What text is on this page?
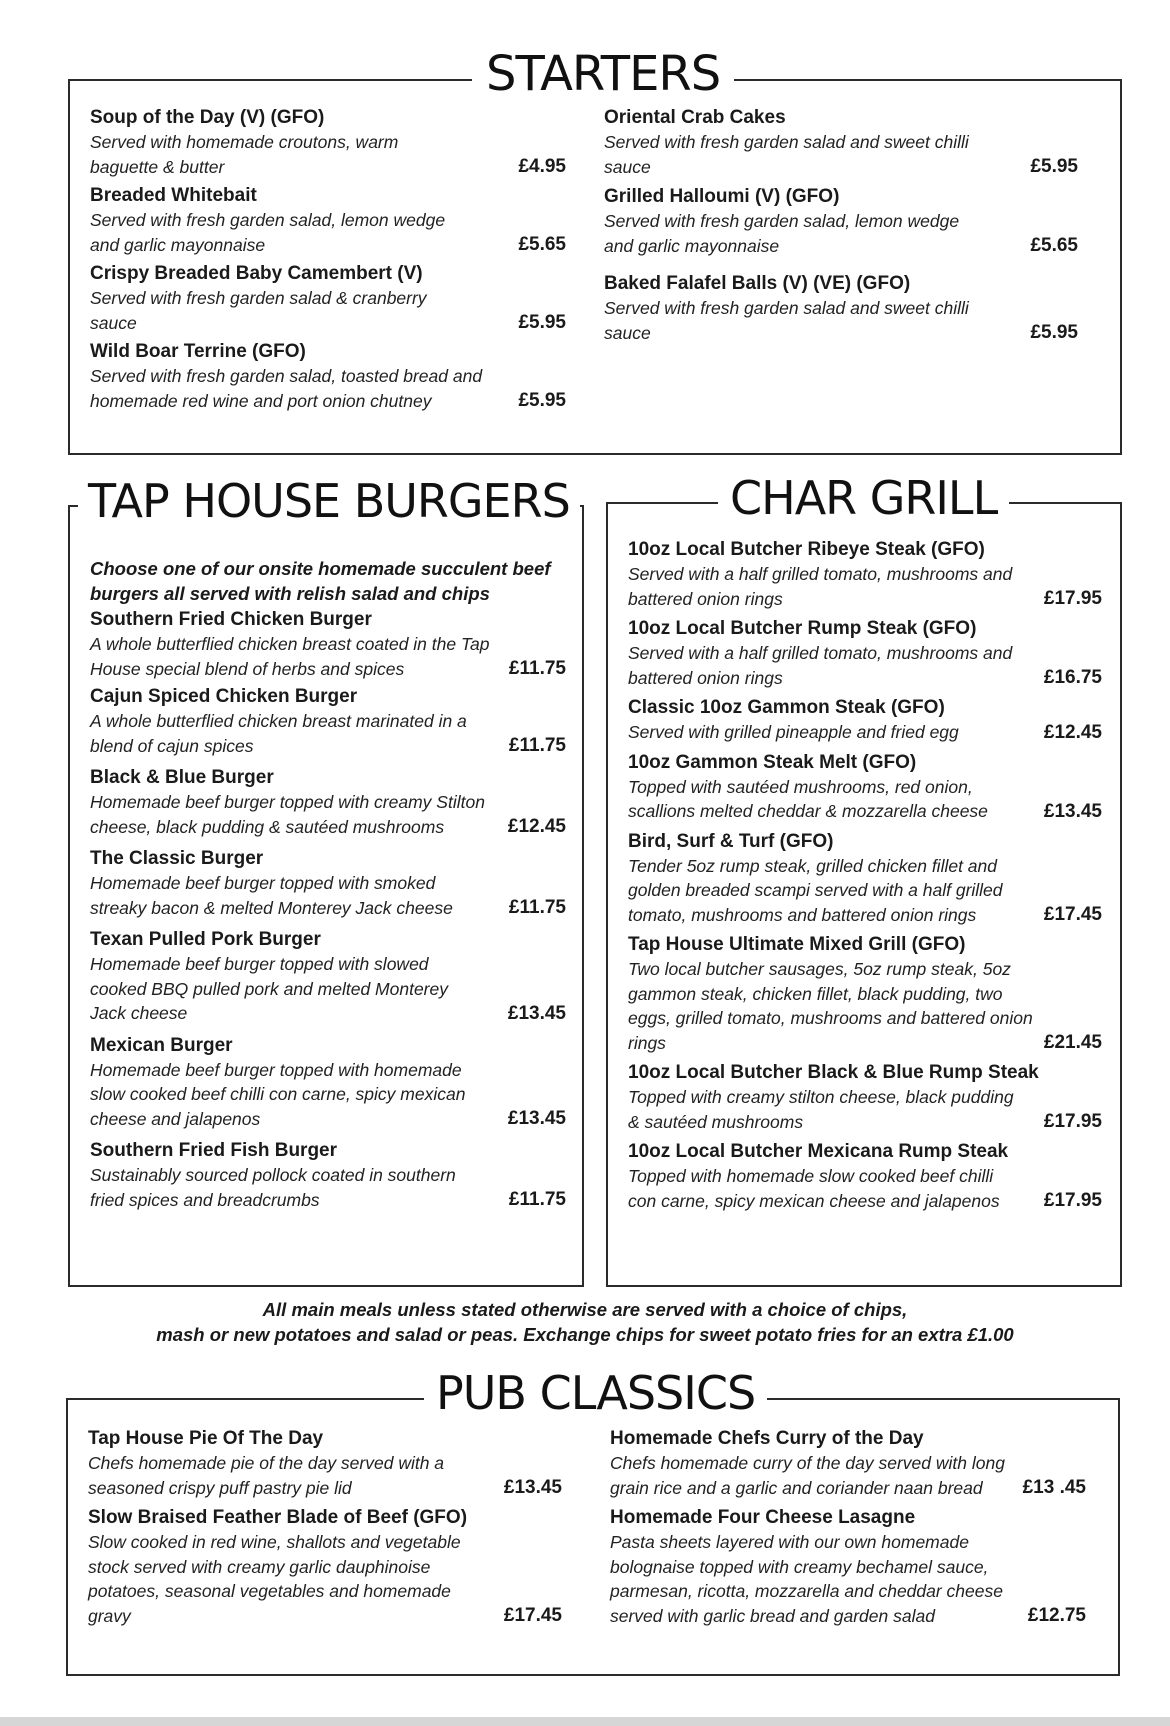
STARTERS
Soup of the Day (V) (GFO)
Served with homemade croutons, warm baguette & butter	£4.95
Breaded Whitebait
Served with fresh garden salad, lemon wedge and garlic mayonnaise	£5.65
Crispy Breaded Baby Camembert (V)
Served with fresh garden salad & cranberry sauce	£5.95
Wild Boar Terrine (GFO)
Served with fresh garden salad, toasted bread and homemade red wine and port onion chutney	£5.95
Oriental Crab Cakes
Served with fresh garden salad and sweet chilli sauce	£5.95
Grilled Halloumi (V) (GFO)
Served with fresh garden salad, lemon wedge and garlic mayonnaise	£5.65
Baked Falafel Balls (V) (VE) (GFO)
Served with fresh garden salad and sweet chilli sauce	£5.95
TAP HOUSE BURGERS
Choose one of our onsite homemade succulent beef burgers all served with relish salad and chips
Southern Fried Chicken Burger
A whole butterflied chicken breast coated in the Tap House special blend of herbs and spices	£11.75
Cajun Spiced Chicken Burger
A whole butterflied chicken breast marinated in a blend of cajun spices	£11.75
Black & Blue Burger
Homemade beef burger topped with creamy Stilton cheese, black pudding & sautéed mushrooms	£12.45
The Classic Burger
Homemade beef burger topped with smoked streaky bacon & melted Monterey Jack cheese	£11.75
Texan Pulled Pork Burger
Homemade beef burger topped with slowed cooked BBQ pulled pork and melted Monterey Jack cheese	£13.45
Mexican Burger
Homemade beef burger topped with homemade slow cooked beef chilli con carne, spicy mexican cheese and jalapenos	£13.45
Southern Fried Fish Burger
Sustainably sourced pollock coated in southern fried spices and breadcrumbs	£11.75
CHAR GRILL
10oz Local Butcher Ribeye Steak (GFO)
Served with a half grilled tomato, mushrooms and battered onion rings	£17.95
10oz Local Butcher Rump Steak (GFO)
Served with a half grilled tomato, mushrooms and battered onion rings	£16.75
Classic 10oz Gammon Steak (GFO)
Served with grilled pineapple and fried egg	£12.45
10oz Gammon Steak Melt (GFO)
Topped with sautéed mushrooms, red onion, scallions melted cheddar & mozzarella cheese	£13.45
Bird, Surf & Turf (GFO)
Tender 5oz rump steak, grilled chicken fillet and golden breaded scampi served with a half grilled tomato, mushrooms and battered onion rings	£17.45
Tap House Ultimate Mixed Grill (GFO)
Two local butcher sausages, 5oz rump steak, 5oz gammon steak, chicken fillet, black pudding, two eggs, grilled tomato, mushrooms and battered onion rings	£21.45
10oz Local Butcher Black & Blue Rump Steak
Topped with creamy stilton cheese, black pudding & sautéed mushrooms	£17.95
10oz Local Butcher Mexicana Rump Steak
Topped with homemade slow cooked beef chilli con carne, spicy mexican cheese and jalapenos	£17.95
All main meals unless stated otherwise are served with a choice of chips,
mash or new potatoes and salad or peas. Exchange chips for sweet potato fries for an extra £1.00
PUB CLASSICS
Tap House Pie Of The Day
Chefs homemade pie of the day served with a seasoned crispy puff pastry pie lid	£13.45
Slow Braised Feather Blade of Beef (GFO)
Slow cooked in red wine, shallots and vegetable stock served with creamy garlic dauphinoise potatoes, seasonal vegetables and homemade gravy	£17.45
Homemade Chefs Curry of the Day
Chefs homemade curry of the day served with long grain rice and a garlic and coriander naan bread	£13 .45
Homemade Four Cheese Lasagne
Pasta sheets layered with our own homemade bolognaise topped with creamy bechamel sauce, parmesan, ricotta, mozzarella and cheddar cheese served with garlic bread and garden salad	£12.75
